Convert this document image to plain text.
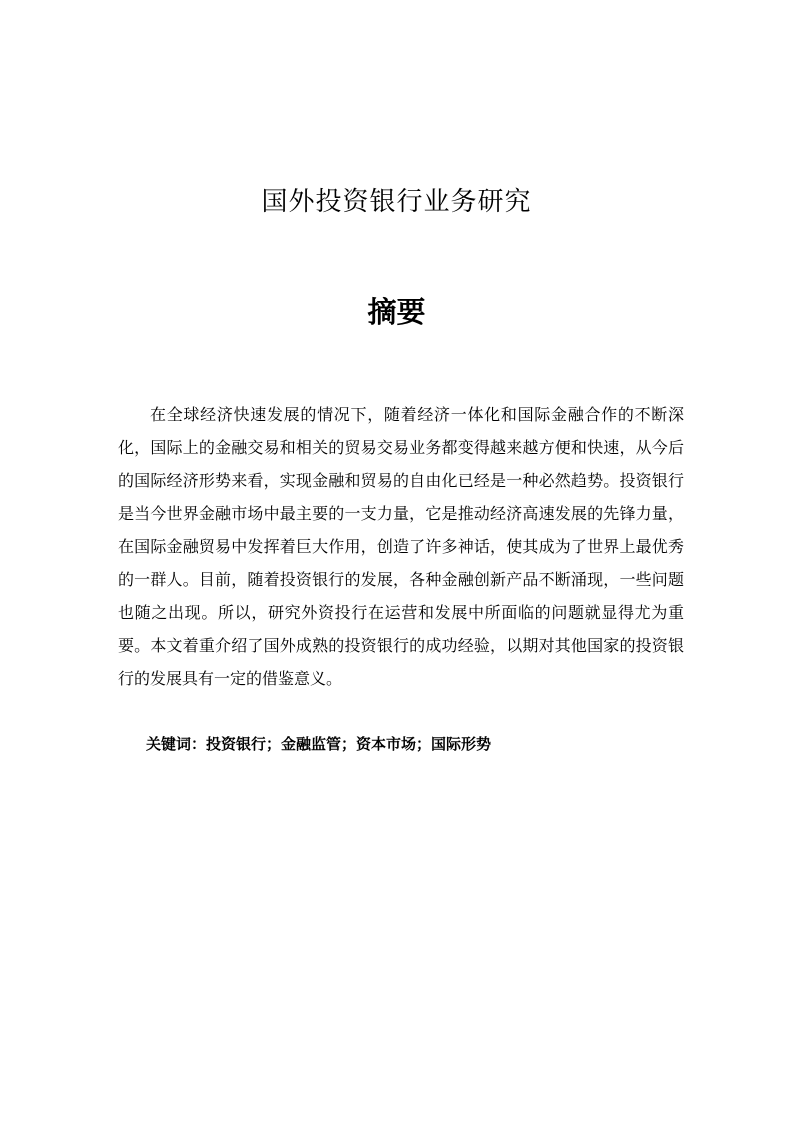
国外投资银行业务研究
摘要

在全球经济快速发展的情况下，随着经济一体化和国际金融合作的不断深化，国际上的金融交易和相关的贸易交易业务都变得越来越方便和快速，从今后的国际经济形势来看，实现金融和贸易的自由化已经是一种必然趋势。投资银行是当今世界金融市场中最主要的一支力量，它是推动经济高速发展的先锋力量，在国际金融贸易中发挥着巨大作用，创造了许多神话，使其成为了世界上最优秀的一群人。目前，随着投资银行的发展，各种金融创新产品不断涌现，一些问题也随之出现。所以，研究外资投行在运营和发展中所面临的问题就显得尤为重要。本文着重介绍了国外成熟的投资银行的成功经验，以期对其他国家的投资银行的发展具有一定的借鉴意义。

关键词：投资银行；金融监管；资本市场；国际形势
